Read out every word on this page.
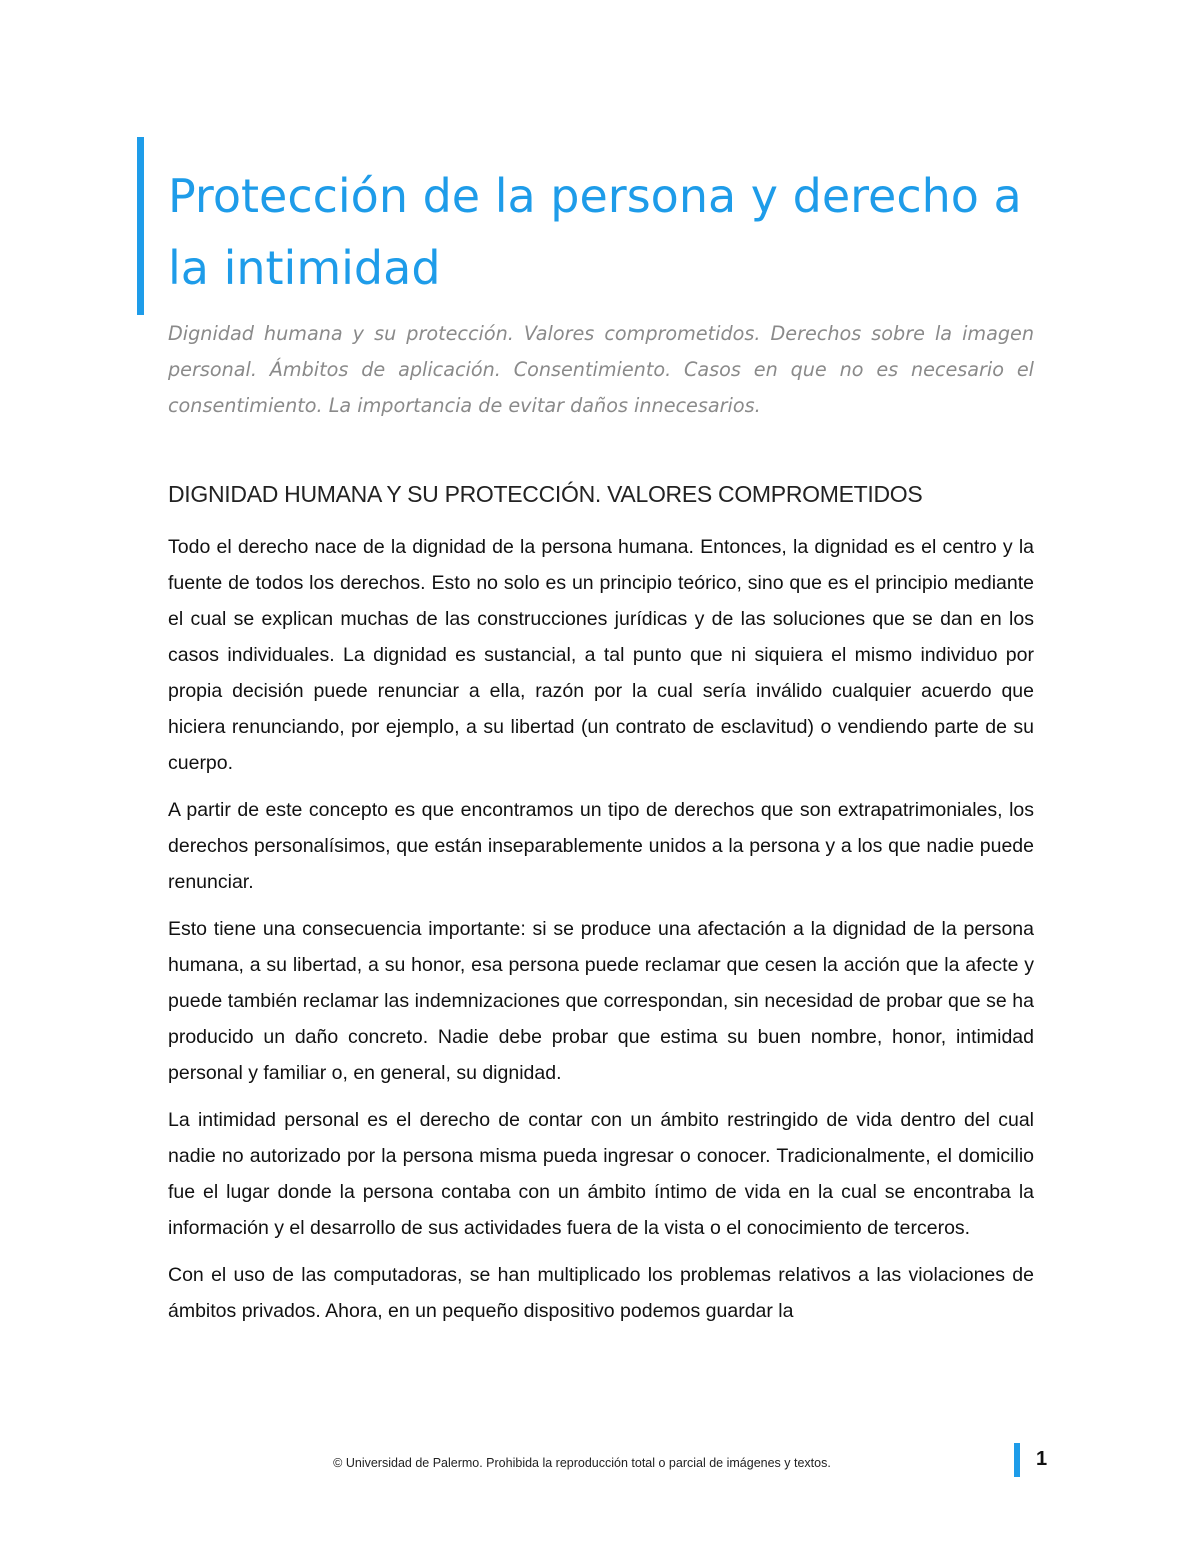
Protección de la persona y derecho a la intimidad

Dignidad humana y su protección. Valores comprometidos. Derechos sobre la imagen personal. Ámbitos de aplicación. Consentimiento. Casos en que no es necesario el consentimiento. La importancia de evitar daños innecesarios.

DIGNIDAD HUMANA Y SU PROTECCIÓN. VALORES COMPROMETIDOS

Todo el derecho nace de la dignidad de la persona humana. Entonces, la dignidad es el centro y la fuente de todos los derechos. Esto no solo es un principio teórico, sino que es el principio mediante el cual se explican muchas de las construcciones jurídicas y de las soluciones que se dan en los casos individuales. La dignidad es sustancial, a tal punto que ni siquiera el mismo individuo por propia decisión puede renunciar a ella, razón por la cual sería inválido cualquier acuerdo que hiciera renunciando, por ejemplo, a su libertad (un contrato de esclavitud) o vendiendo parte de su cuerpo.

A partir de este concepto es que encontramos un tipo de derechos que son extrapatrimoniales, los derechos personalísimos, que están inseparablemente unidos a la persona y a los que nadie puede renunciar.

Esto tiene una consecuencia importante: si se produce una afectación a la dignidad de la persona humana, a su libertad, a su honor, esa persona puede reclamar que cesen la acción que la afecte y puede también reclamar las indemnizaciones que correspondan, sin necesidad de probar que se ha producido un daño concreto. Nadie debe probar que estima su buen nombre, honor, intimidad personal y familiar o, en general, su dignidad.

La intimidad personal es el derecho de contar con un ámbito restringido de vida dentro del cual nadie no autorizado por la persona misma pueda ingresar o conocer. Tradicionalmente, el domicilio fue el lugar donde la persona contaba con un ámbito íntimo de vida en la cual se encontraba la información y el desarrollo de sus actividades fuera de la vista o el conocimiento de terceros.

Con el uso de las computadoras, se han multiplicado los problemas relativos a las violaciones de ámbitos privados. Ahora, en un pequeño dispositivo podemos guardar la

© Universidad de Palermo. Prohibida la reproducción total o parcial de imágenes y textos.	1
